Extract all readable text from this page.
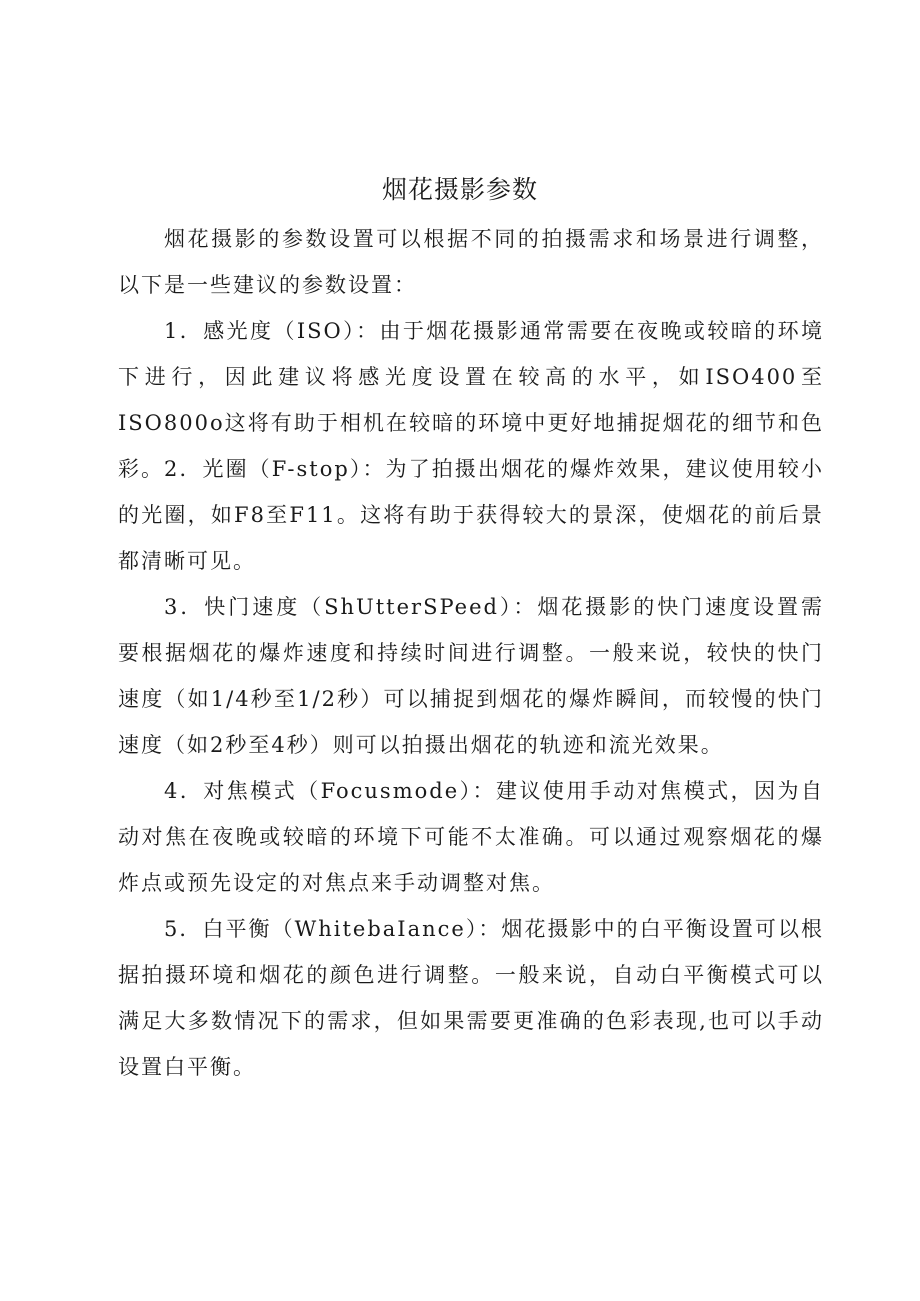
烟花摄影参数

烟花摄影的参数设置可以根据不同的拍摄需求和场景进行调整，以下是一些建议的参数设置：

1．感光度（ISO）：由于烟花摄影通常需要在夜晚或较暗的环境下进行，因此建议将感光度设置在较高的水平，如ISO400至ISO800o这将有助于相机在较暗的环境中更好地捕捉烟花的细节和色彩。 2．光圈（F-stop）：为了拍摄出烟花的爆炸效果，建议使用较小的光圈，如F8至F11。这将有助于获得较大的景深，使烟花的前后景都清晰可见。

3．快门速度（ShUtterSPeed）：烟花摄影的快门速度设置需要根据烟花的爆炸速度和持续时间进行调整。一般来说，较快的快门速度（如1/4秒至1/2秒）可以捕捉到烟花的爆炸瞬间，而较慢的快门速度（如2秒至4秒）则可以拍摄出烟花的轨迹和流光效果。

4．对焦模式（Focusmode）：建议使用手动对焦模式，因为自动对焦在夜晚或较暗的环境下可能不太准确。可以通过观察烟花的爆炸点或预先设定的对焦点来手动调整对焦。

5．白平衡（WhitebaIance）：烟花摄影中的白平衡设置可以根据拍摄环境和烟花的颜色进行调整。一般来说，自动白平衡模式可以满足大多数情况下的需求，但如果需要更准确的色彩表现,也可以手动设置白平衡。
